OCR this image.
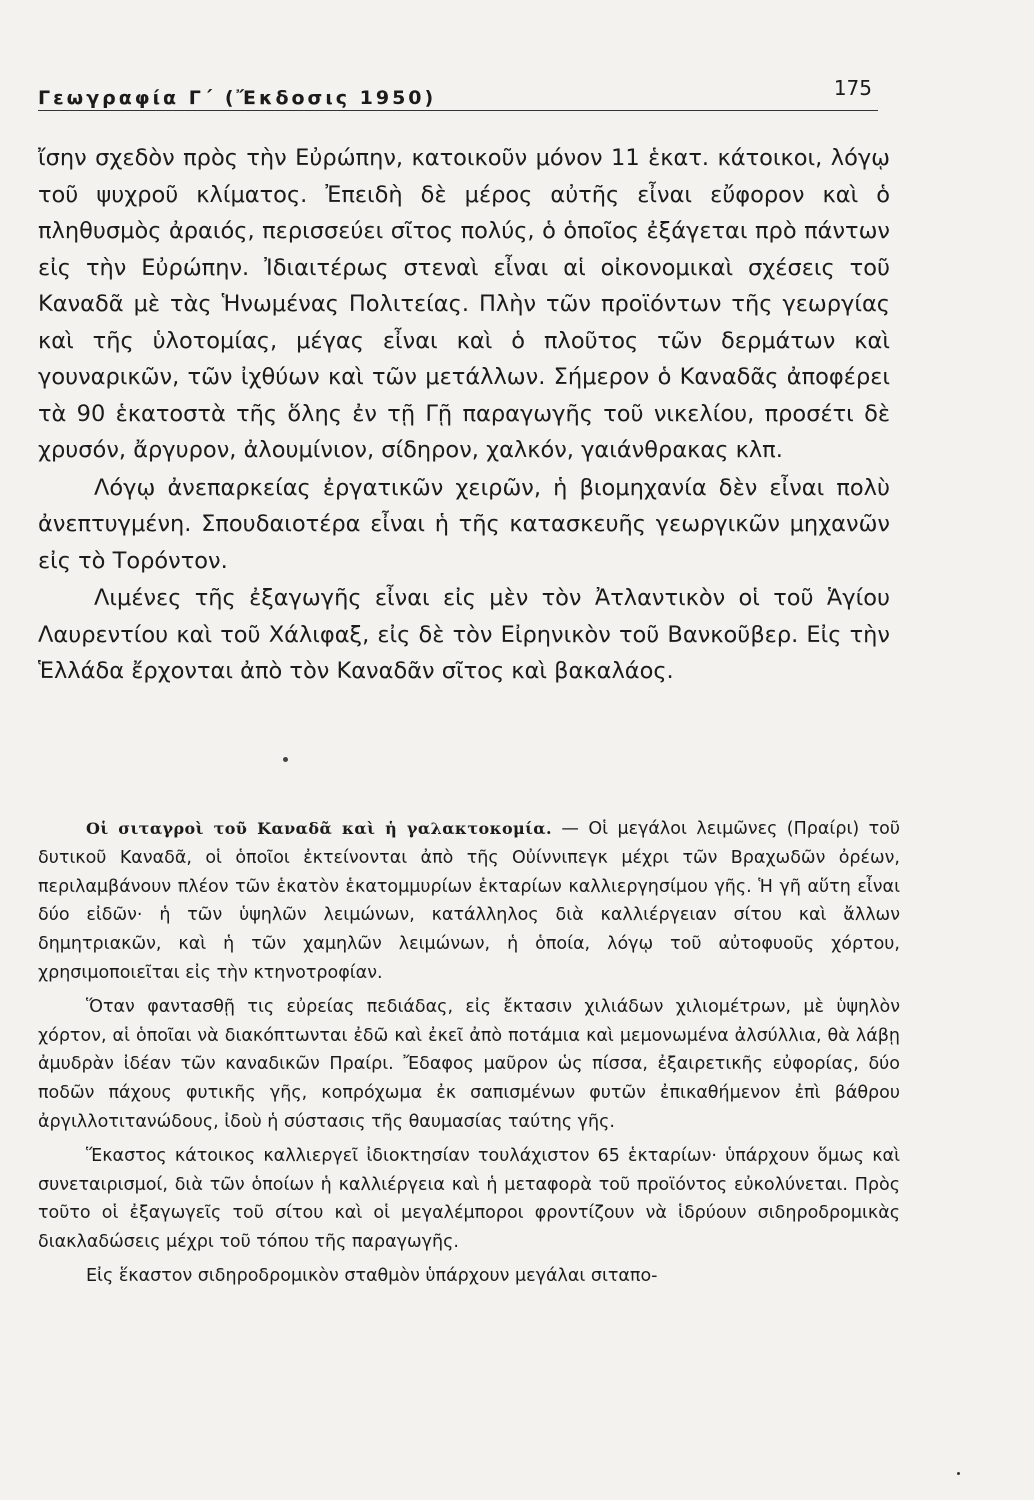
Γεωγραφία Γ΄ (Ἔκδοσις 1950)	175

ἴσην σχεδὸν πρὸς τὴν Εὐρώπην, κατοικοῦν μόνον 11 ἑκατ. κάτοικοι, λόγῳ τοῦ ψυχροῦ κλίματος. Ἐπειδὴ δὲ μέρος αὐτῆς εἶναι εὔφορον καὶ ὁ πληθυσμὸς ἀραιός, περισσεύει σῖτος πολύς, ὁ ὁποῖος ἐξάγεται πρὸ πάντων εἰς τὴν Εὐρώπην. Ἰδιαιτέρως στεναὶ εἶναι αἱ οἰκονομικαὶ σχέσεις τοῦ Καναδᾶ μὲ τὰς Ἡνωμένας Πολιτείας. Πλὴν τῶν προϊόντων τῆς γεωργίας καὶ τῆς ὑλοτομίας, μέγας εἶναι καὶ ὁ πλοῦτος τῶν δερμάτων καὶ γουναρικῶν, τῶν ἰχθύων καὶ τῶν μετάλλων. Σήμερον ὁ Καναδᾶς ἀποφέρει τὰ 90 ἑκατοστὰ τῆς ὅλης ἐν τῇ Γῇ παραγωγῆς τοῦ νικελίου, προσέτι δὲ χρυσόν, ἄργυρον, ἀλουμίνιον, σίδηρον, χαλκόν, γαιάνθρακας κλπ.

Λόγῳ ἀνεπαρκείας ἐργατικῶν χειρῶν, ἡ βιομηχανία δὲν εἶναι πολὺ ἀνεπτυγμένη. Σπουδαιοτέρα εἶναι ἡ τῆς κατασκευῆς γεωργικῶν μηχανῶν εἰς τὸ Τορόντον.

Λιμένες τῆς ἐξαγωγῆς εἶναι εἰς μὲν τὸν Ἀτλαντικὸν οἱ τοῦ Ἁγίου Λαυρεντίου καὶ τοῦ Χάλιφαξ, εἰς δὲ τὸν Εἰρηνικὸν τοῦ Βανκοῦβερ. Εἰς τὴν Ἑλλάδα ἔρχονται ἀπὸ τὸν Καναδᾶν σῖτος καὶ βακαλάος.

Οἱ σιταγροὶ τοῦ Καναδᾶ καὶ ἡ γαλακτοκομία. — Οἱ μεγάλοι λειμῶνες (Πραίρι) τοῦ δυτικοῦ Καναδᾶ, οἱ ὁποῖοι ἐκτείνονται ἀπὸ τῆς Οὐίννιπεγκ μέχρι τῶν Βραχωδῶν ὀρέων, περιλαμβάνουν πλέον τῶν ἑκατὸν ἑκατομμυρίων ἑκταρίων καλλιεργησίμου γῆς. Ἡ γῆ αὕτη εἶναι δύο εἰδῶν· ἡ τῶν ὑψηλῶν λειμώνων, κατάλληλος διὰ καλλιέργειαν σίτου καὶ ἄλλων δημητριακῶν, καὶ ἡ τῶν χαμηλῶν λειμώνων, ἡ ὁποία, λόγῳ τοῦ αὐτοφυοῦς χόρτου, χρησιμοποιεῖται εἰς τὴν κτηνοτροφίαν.

Ὅταν φαντασθῇ τις εὐρείας πεδιάδας, εἰς ἔκτασιν χιλιάδων χιλιομέτρων, μὲ ὑψηλὸν χόρτον, αἱ ὁποῖαι νὰ διακόπτωνται ἐδῶ καὶ ἐκεῖ ἀπὸ ποτάμια καὶ μεμονωμένα ἀλσύλλια, θὰ λάβῃ ἀμυδρὰν ἰδέαν τῶν καναδικῶν Πραίρι. Ἔδαφος μαῦρον ὡς πίσσα, ἐξαιρετικῆς εὐφορίας, δύο ποδῶν πάχους φυτικῆς γῆς, κοπρόχωμα ἐκ σαπισμένων φυτῶν ἐπικαθήμενον ἐπὶ βάθρου ἀργιλλοτιτανώδους, ἰδοὺ ἡ σύστασις τῆς θαυμασίας ταύτης γῆς.

Ἕκαστος κάτοικος καλλιεργεῖ ἰδιοκτησίαν τουλάχιστον 65 ἑκταρίων· ὑπάρχουν ὅμως καὶ συνεταιρισμοί, διὰ τῶν ὁποίων ἡ καλλιέργεια καὶ ἡ μεταφορὰ τοῦ προϊόντος εὐκολύνεται. Πρὸς τοῦτο οἱ ἐξαγωγεῖς τοῦ σίτου καὶ οἱ μεγαλέμποροι φροντίζουν νὰ ἱδρύουν σιδηροδρομικὰς διακλαδώσεις μέχρι τοῦ τόπου τῆς παραγωγῆς.

Εἰς ἕκαστον σιδηροδρομικὸν σταθμὸν ὑπάρχουν μεγάλαι σιταπο-
